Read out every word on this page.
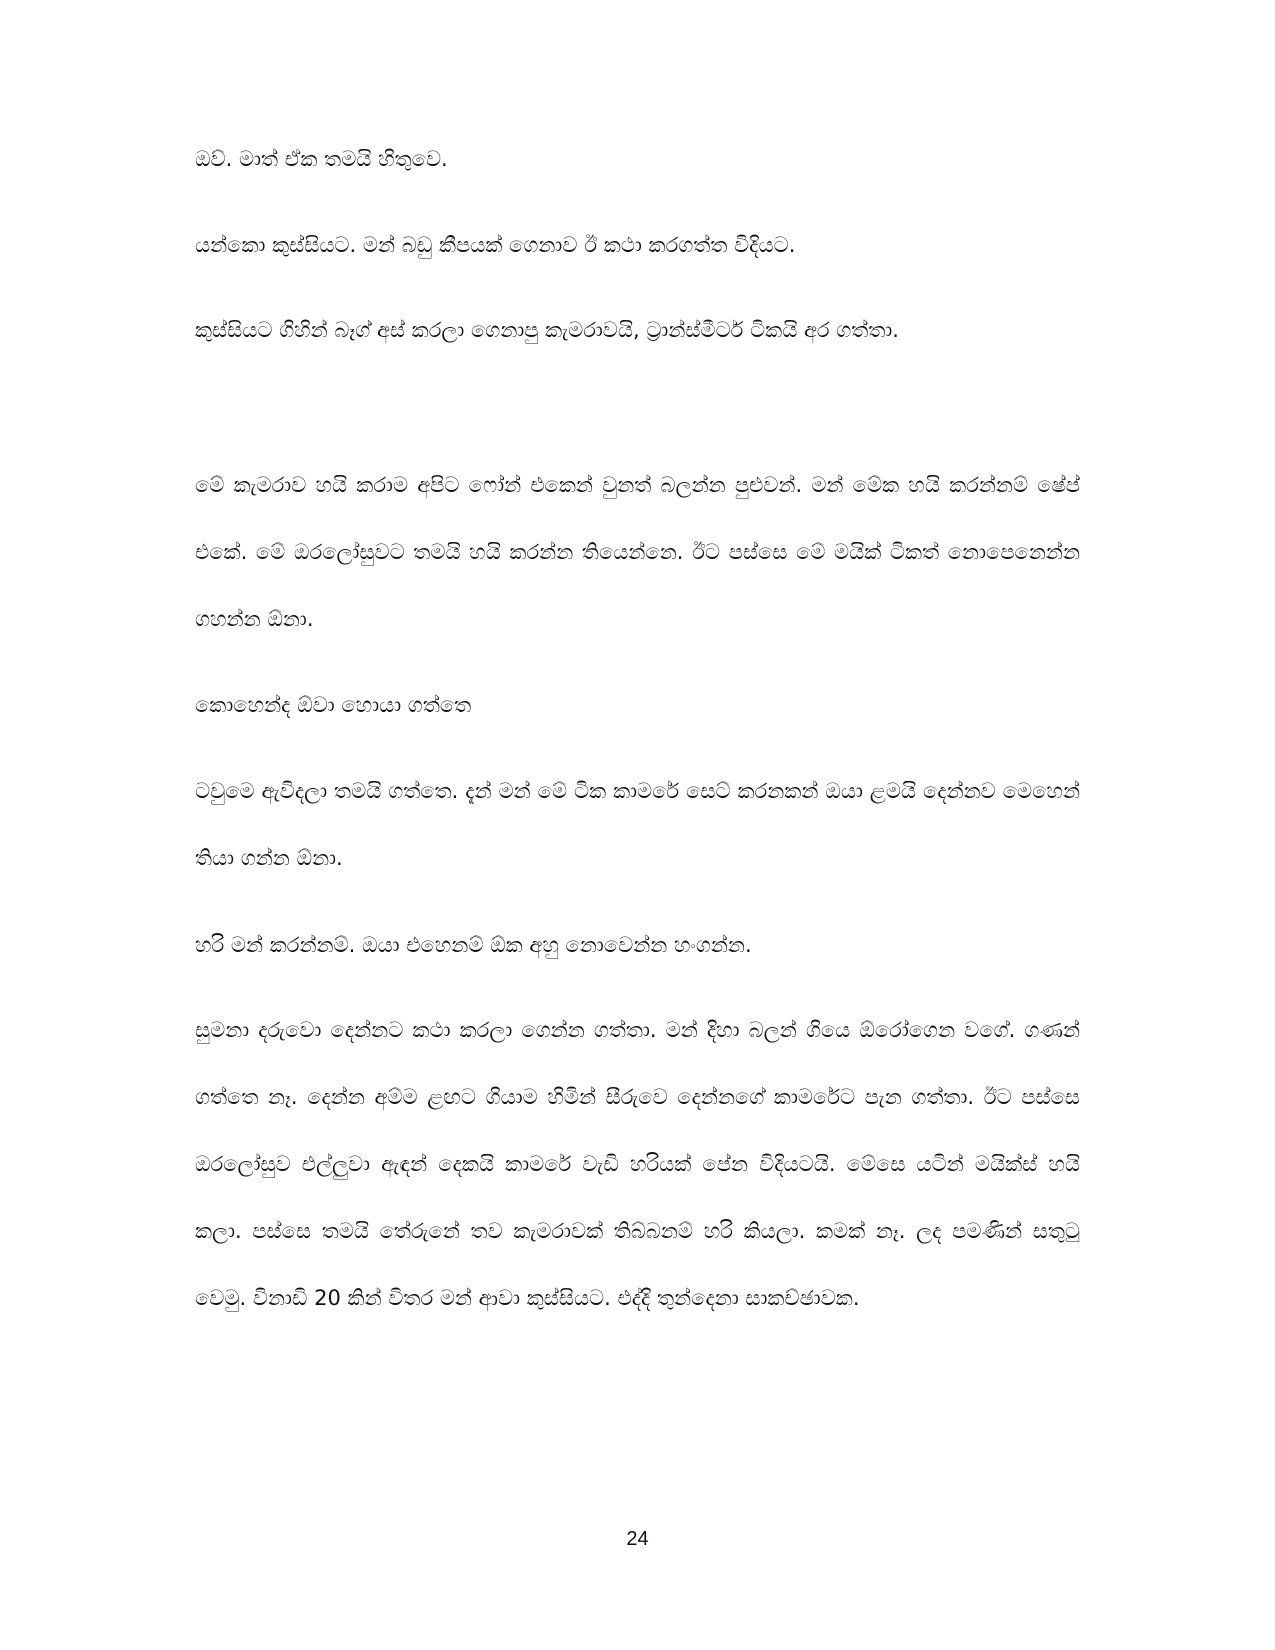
ඔව්. මාත් ඒක තමයි හිතුවෙ.

යන්කො කුස්සියට. මන් බඩු කීපයක් ගෙනාව ඊ කථා කරගත්ත විදියට.

කුස්සියට ගිහින් බෑග් අස් කරලා ගෙනාපු කැමරාවයි, ට්‍රාන්ස්මීටර් ටිකයි අර ගත්තා.

මේ කැමරාව හයි කරාම අපිට ෆෝන් එකෙන් වුනත් බලන්න පුළුවන්. මන් මේක හයි කරන්නම් ෂේප් එකේ. මේ ඔරලෝසුවට තමයි හයි කරන්න තියෙන්නෙ. ඊට පස්සෙ මේ මයික් ටිකත් නොපෙනෙන්න ගහන්න ඕනා.

කොහෙන්ද ඕවා හොයා ගත්තෙ

ටවුමෙ ඇවිදලා තමයි ගත්තෙ. දැන් මන් මේ ටික කාමරේ සෙට් කරනකන් ඔයා ළමයි දෙන්නව මෙහෙන් තියා ගන්න ඕනා.

හරි මන් කරන්නම්. ඔයා එහෙනම් ඕක අහු නොවෙන්න හංගන්න.

සුමනා දරුවො දෙන්නට කථා කරලා ගෙන්න ගත්තා. මන් දිහා බලන් ගියෙ ඕරෝගෙන වගේ. ගණන් ගත්තෙ නෑ. දෙන්න අම්ම ළඟට ගියාම හිමින් සීරුවෙ දෙන්නගේ කාමරේට පැන ගත්තා. ඊට පස්සෙ ඔරලෝසුව එල්ලුවා ඇඳන් දෙකයි කාමරේ වැඩි හරියක් පේන විදියටයි. මේසෙ යටින් මයික්ස් හයි කලා. පස්සෙ තමයි තේරුනේ තව කැමරාවක් තිබ්බනම් හරි කියලා. කමක් නෑ. ලද පමණින් සතුටු වෙමු. විනාඩි 20 කින් විතර මන් ආවා කුස්සියට. එද්දි තුන්දෙනා සාකච්ඡාවක.

24
